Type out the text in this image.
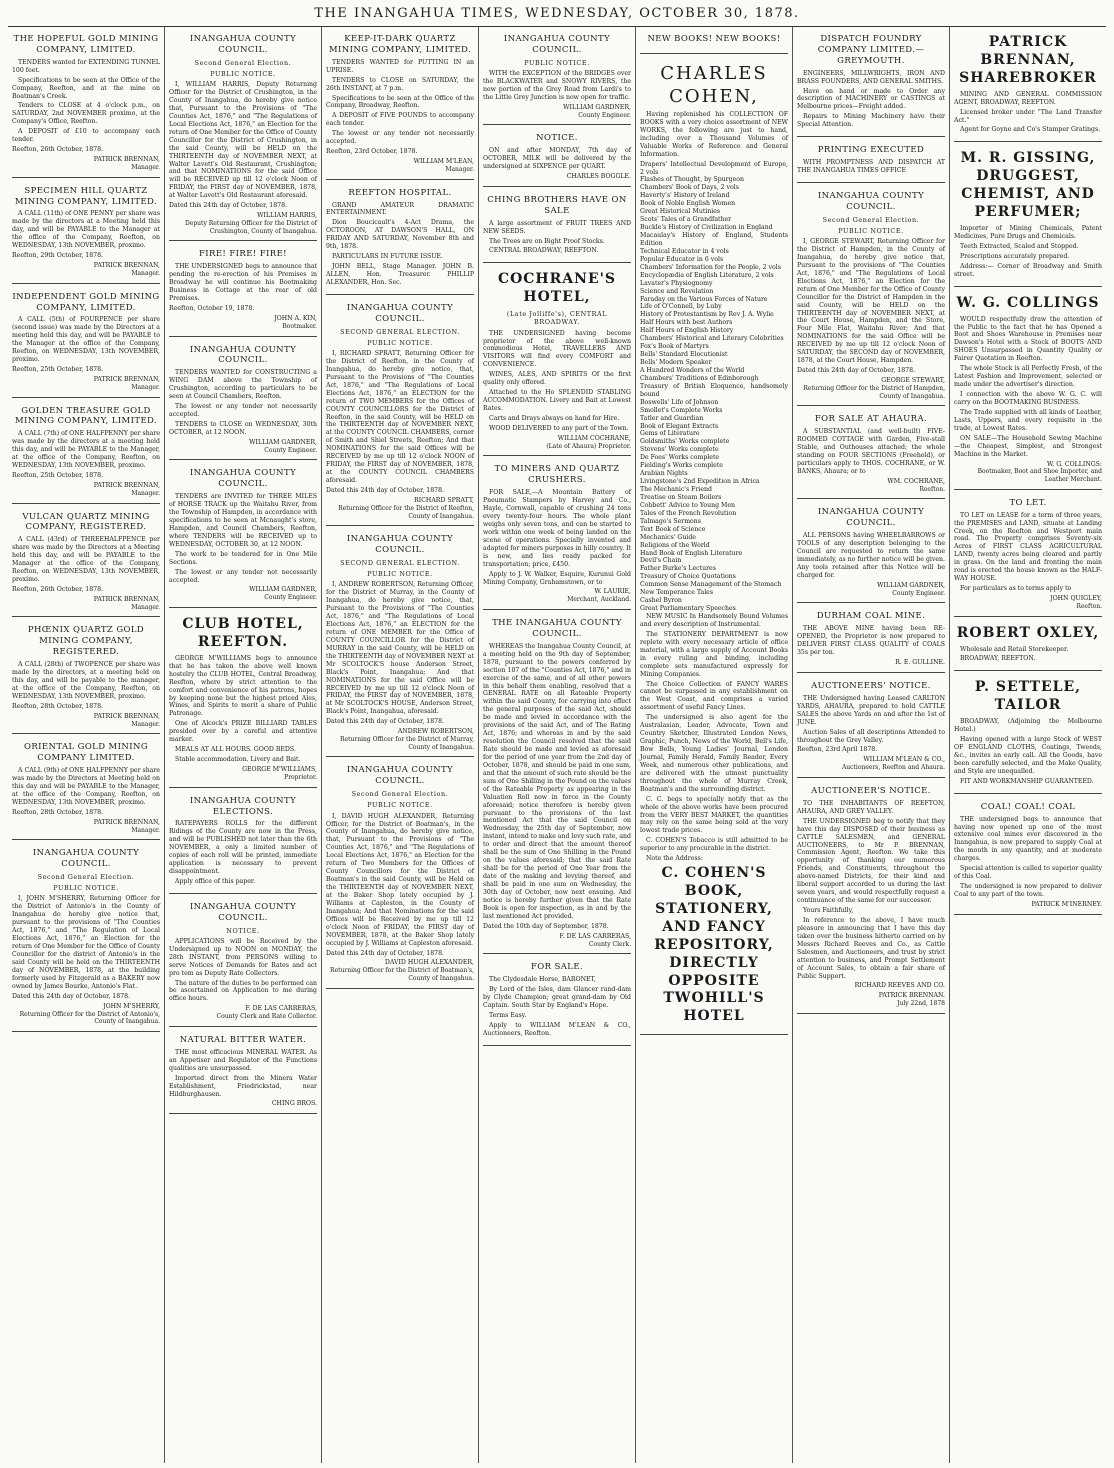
THE INANGAHUA TIMES, WEDNESDAY, OCTOBER 30, 1878.
THE HOPEFUL GOLD MINING COMPANY, LIMITED.

TENDERS wanted for EXTENDING TUNNEL 100 feet.

Specifications to be seen at the Office of the Company, Reefton, and at the mine on Boatman's Creek.

Tenders to CLOSE at 4 o'clock p.m., on SATURDAY, 2nd NOVEMBER proximo, at the Company's Office, Reefton.

A DEPOSIT of £10 to accompany each tender.

Reefton, 26th October, 1878.
PATRICK BRENNAN,
Manager.
SPECIMEN HILL QUARTZ MINING COMPANY, LIMITED.

A CALL (11th) of ONE PENNY per share was made by the directors at a Meeting held this day, and will be PAYABLE to the Manager at the office of the Company, Reefton, on WEDNESDAY, 13th NOVEMBER, proximo.

Reefton, 29th October, 1878.
PATRICK BRENNAN,
Manager.
INDEPENDENT GOLD MINING COMPANY, LIMITED.

A CALL (5th) of FOURPENCE per share (second issue) was made by the Directors at a meeting held this day, and will be PAYABLE to the Manager at the office of the Company, Reefton, on WEDNESDAY, 13th NOVEMBER, proximo.

Reefton, 25th October, 1878.
PATRICK BRENNAN,
Manager.
GOLDEN TREASURE GOLD MINING COMPANY, LIMITED.

A CALL (7th) of ONE HALFPENNY per share was made by the directors at a meeting held this day, and will be PAYABLE to the Manager, at the office of the Company, Reefton, on WEDNESDAY, 13th NOVEMBER, proximo.

Reefton, 25th October, 1878.
PATRICK BRENNAN,
Manager.
VULCAN QUARTZ MINING COMPANY, REGISTERED.

A CALL (43rd) of THREEHALFPENCE per share was made by the Directors at a Meeting held this day, and will be PAYABLE to the Manager at the office of the Company, Reefton, on WEDNESDAY, 13th NOVEMBER, proximo.

Reefton, 26th October, 1878.
PATRICK BRENNAN,
Manager.
PHŒNIX QUARTZ GOLD MINING COMPANY, REGISTERED.

A CALL (28th) of TWOPENCE per share was made by the directors, at a meeting held on this day, and will be payable to the manager, at the office of the Company, Reefton, on WEDNESDAY, 13th NOVEMBER, proximo.

Reefton, 28th October, 1878.
PATRICK BRENNAN,
Manager.
ORIENTAL GOLD MINING COMPANY LIMITED.

A CALL (9th) of ONE HALFPENNY per share was made by the Directors at Meeting held on this day and will be PAYABLE to the Manager, at the office of the Company, Reefton, on WEDNESDAY, 13th NOVEMBER, proximo.

Reefton, 28th October, 1878.
PATRICK BRENNAN,
Manager.
INANGAHUA COUNTY COUNCIL.
Second General Election.
PUBLIC NOTICE.

I, JOHN M'SHERRY, Returning Officer for the District of Antonio's in the County of Inangahua do hereby give notice that, pursuant to the provisions of "The Counties Act, 1876," and "The Regulation of Local Elections Act, 1876," an Election for the return of One Member for the Office of County Councillor for the district of Antonio's in the said County will be held on the THIRTEENTH day of NOVEMBER, 1878, at the building formerly used by Fitzgerald as a BAKERY now owned by James Bourke, Antonio's Flat.

Dated this 24th day of October, 1878.
JOHN M'SHERRY,
Returning Officer for the District of Antonio's, County of Inangahua.
INANGAHUA COUNTY COUNCIL.
Second General Election.
PUBLIC NOTICE.

I, WILLIAM HARRIS, Deputy Returning Officer for the District of Crushington, in the County of Inangahua, do hereby give notice that, Pursuant to the Provisions of "The Counties Act, 1876," and "The Regulations of Local Elections Act, 1876," an Election for the return of One Member for the Office of County Councillor for the District of Crushington, in the said County, will be HELD on the THIRTEENTH day of NOVEMBER NEXT, at Walter Lavett's Old Restaurant, Crushington; and that NOMINATIONS for the said Office will be RECEIVED up till 12 o'clock Noon of FRIDAY, the FIRST day of NOVEMBER, 1878, at Walter Lavett's Old Restaurant aforesaid.

Dated this 24th day of October, 1878.
WILLIAM HARRIS,
Deputy Returning Officer for the District of Crushington, County of Inangahua.
FIRE! FIRE! FIRE!

THE UNDERSIGNED begs to announce that pending the re-erection of his Premises in Broadway he will continue his Bootmaking Business in Cottage at the rear of old Premises.

Reefton, October 19, 1878.
JOHN A. KIN,
Bootmaker.
INANGAHUA COUNTY COUNCIL.

TENDERS WANTED for CONSTRUCTING a WING DAM above the Township of Crushington, according to particulars to be seen at Council Chambers, Reefton.

The lowest or any tender not necessarily accepted.

TENDERS to CLOSE on WEDNESDAY, 30th OCTOBER, at 12 NOON.

WILLIAM GARDNER,
County Engineer.
INANGAHUA COUNTY COUNCIL.

TENDERS are INVITED for THREE MILES of HORSE TRACK up the Waitahu River, from the Township of Hampden, in accordance with specifications to be seen at Mcnaught's store, Hampden, and Council Chambers, Reefton, where TENDERS will be RECEIVED up to WEDNESDAY, OCTOBER 30, at 12 NOON.

The work to be tendered for in One Mile Sections.

The lowest or any tender not necessarily accepted.

WILLIAM GARDNER,
County Engineer.
CLUB HOTEL, REEFTON.

GEORGE M'WILLIAMS begs to announce that he has taken the above well known hostelry the CLUB HOTEL, Central Broadway, Reefton, where by strict attention to the comfort and convenience of his patrons, hopes by keeping none but the highest priced Ales, Wines, and Spirits to merit a share of Public Patronage.

One of Alcock's PRIZE BILLIARD TABLES presided over by a careful and attentive marker.

MEALS AT ALL HOURS. GOOD BEDS.

Stable accommodation. Livery and Bait.

GEORGE M'WILLIAMS,
Proprietor.
INANGAHUA COUNTY ELECTIONS.

RATEPAYERS ROLLS for the different Ridings of the County are now in the Press, and will be PUBLISHED not later than the 6th NOVEMBER, a only a limited number of copies of each roll will be printed, immediate application is necessary to prevent disappointment.

Apply office of this paper.

INANGAHUA COUNTY COUNCIL.
NOTICE.

APPLICATIONS will be Received by the Undersigned up to NOON on MONDAY, the 28th INSTANT, from PERSONS willing to serve Notices of Demands for Rates and act pro tem as Deputy Rate Collectors.

The nature of the duties to be performed can be ascertained on Application to me during office hours.

F. DE LAS CARRERAS,
County Clerk and Rate Collector.
NATURAL BITTER WATER.

THE most efficacious MINERAL WATER. As an Appetiser and Regulator of the Functions qualities are unsurpassed.

Imported direct from the Minera Water Establishment, Friedrickstad, near Hildburghausen.

CHING BROS.
KEEP-IT-DARK QUARTZ MINING COMPANY, LIMITED.

TENDERS WANTED for PUTTING IN an UPRISE.

TENDERS to CLOSE on SATURDAY, the 26th INSTANT, at 7 p.m.

Specifications to be seen at the Office of the Company, Broadway, Reefton.

A DEPOSIT of FIVE POUNDS to accompany each tender.

The lowest or any tender not necessarily accepted.

Reefton, 23rd October, 1878.
WILLIAM M'LEAN,
Manager.
REEFTON HOSPITAL.

GRAND AMATEUR DRAMATIC ENTERTAINMENT.

Dion Boucicault's 4-Act Drama, the OCTOROON, AT DAWSON'S HALL, ON FRIDAY AND SATURDAY, November 8th and 9th, 1878.

PARTICULARS IN FUTURE ISSUE.

JOHN BELL, Stage Manager. JOHN B. ALLEN, Hon. Treasurer. PHILLIP ALEXANDER, Hon. Sec.

INANGAHUA COUNTY COUNCIL.
SECOND GENERAL ELECTION.
PUBLIC NOTICE.

I, RICHARD SPRATT, Returning Officer for the District of Reefton, in the County of Inangahua, do hereby give notice, that, Pursuant to the Provisions of "The Counties Act, 1876," and "The Regulations of Local Elections Act, 1876," an ELECTION for the return of TWO MEMBERS for the Offices of COUNTY COUNCILLORS for the District of Reefton, in the said County, will be HELD on the THIRTEENTH day of NOVEMBER NEXT, at the COUNTY COUNCIL CHAMBERS, corner of Smith and Shiel Streets, Reefton; And that NOMINATIONS for the said Offices will be RECEIVED by me up till 12 o'clock NOON of FRIDAY, the FIRST day of NOVEMBER, 1878, at the COUNTY COUNCIL CHAMBERS aforesaid.

Dated this 24th day of October, 1878.
RICHARD SPRATT,
Returning Officer for the District of Reefton, County of Inangahua.
INANGAHUA COUNTY COUNCIL.
SECOND GENERAL ELECTION.
PUBLIC NOTICE.

I, ANDREW ROBERTSON, Returning Officer, for the District of Murray, in the County of Inangahua, do hereby give notice, that, Pursuant to the Provisions of "The Counties Act, 1876," and "The Regulations of Local Elections Act, 1876," an ELECTION for the return of ONE MEMBER for the Office of COUNTY COUNCILLOR for the District of MURRAY in the said County, will be HELD on the THIRTEENTH day of NOVEMBER NEXT at Mr SCOLTOCK'S house Anderson Street, Black's Point, Inangahua; And that NOMINATIONS for the said Office will be RECEIVED by me up till 12 o'clock Noon of FRIDAY, the FIRST day of NOVEMBER, 1878, at Mr SCOLTOCK'S HOUSE, Anderson Street, Black's Point, Inangahua, aforesaid.

Dated this 24th day of October, 1878.
ANDREW ROBERTSON,
Returning Officer for the District of Murray, County of Inangahua.
INANGAHUA COUNTY COUNCIL.
Second General Election.
PUBLIC NOTICE.

I, DAVID HUGH ALEXANDER, Returning Officer, for the District of Boatman's, in the County of Inangahua, do hereby give notice, that, Pursuant to the Provisions of "The Counties Act, 1876," and "The Regulations of Local Elections Act, 1876," an Election for the return of Two Members for the Offices of County Councillors for the District of Boatman's in the said County, will be Held on the THIRTEENTH day of NOVEMBER NEXT, at the Baker Shop lately occupied by J. Williams at Capleston, in the County of Inangahua; And that Nominations for the said Offices will be Received by me up till 12 o'clock Noon of FRIDAY, the FIRST day of NOVEMBER, 1878, at the Baker Shop lately occupied by J. Williams at Capleston aforesaid.

Dated this 24th day of October, 1878.
DAVID HUGH ALEXANDER,
Returning Officer for the District of Boatman's, County of Inangahua.
INANGAHUA COUNTY COUNCIL.
PUBLIC NOTICE.

WITH the EXCEPTION of the BRIDGES over the BLACKWATER and SNOWY RIVERS, the new portion of the Grey Road from Lardi's to the Little Grey Junction is now open for traffic.

WILLIAM GARDNER,
County Engineer.
NOTICE.

ON and after MONDAY, 7th day of OCTOBER, MILK will be delivered by the undersigned at SIXPENCE per QUART.

CHARLES BOGGLE.
CHING BROTHERS HAVE ON SALE

A large assortment of FRUIT TREES AND NEW SEEDS.

The Trees are on Bight Proof Stocks.

CENTRAL BROADWAY, REEFTON.

COCHRANE'S HOTEL,
(Late Jolliffe's), CENTRAL BROADWAY.

THE UNDERSIGNED having become proprietor of the above well-known commodious Hotel, TRAVELLERS AND VISITORS will find every COMFORT and CONVENIENCE.

WINES, ALES, AND SPIRITS Of the first quality only offered.

Attached to the Ho SPLENDID STABLING ACCOMMODATION. Livery and Bait at Lowest Rates.

Carts and Drays always on hand for Hire.

WOOD DELIVERED to any part of the Town.

WILLIAM COCHRANE,
(Late of Ahaura) Proprietor.
TO MINERS AND QUARTZ CRUSHERS.

FOR SALE,—A Mountain Battery of Pneumatic Stampers by Harvey and Co., Hayle, Cornwall, capable of crushing 24 tons every twenty-four hours. The whole plant weighs only seven tons, and can be started to work within one week of being landed on the scene of operations. Specially invented and adapted for miners purposes in hilly country. It is new, and lies ready packed for transportation; price, £450.

Apply to J. W. Walker, Esquire, Kurunui Gold Mining Company, Grahamstown, or to

W. LAURIE,
Merchant, Auckland.
THE INANGAHUA COUNTY COUNCIL.

WHEREAS the Inangahua County Council, at a meeting held on the 9th day of September, 1878, pursuant to the powers conferred by section 107 of the "Counties Act, 1876," and in exercise of the same, and of all other powers in this behalf them enabling, resolved that a GENERAL RATE on all Rateable Property within the said County, for carrying into effect the general purposes of the said Act, should be made and levied in accordance with the provisions of the said Act, and of The Rating Act, 1876; and whereas in and by the said resolution the Council resolved that the said Rate should be made and levied as aforesaid for the period of one year from the 2nd day of October, 1878, and should be paid in one sum, and that the amount of such rate should be the sum of One Shilling in the Pound on the values of the Rateable Property as appearing in the Valuation Roll now in force in the County aforesaid; notice therefore is hereby given pursuant to the provisions of the last mentioned Act that the said Council on Wednesday, the 25th day of September, now instant, intend to make and levy such rate, and to order and direct that the amount thereof shall be the sum of One Shilling in the Pound on the values aforesaid; that the said Rate shall be for the period of One Year from the date of the making and levying thereof, and shall be paid in one sum on Wednesday, the 30th day of October, now next ensuing. And notice is hereby further given that the Rate Book is open for inspection, as in and by the last mentioned Act provided.

Dated the 10th day of September, 1878.
F. DE LAS CARRERAS,
County Clerk.
FOR SALE.

The Clydesdale Horse, BARONET,

By Lord of the Isles, dam Glancer rand-dam by Clyde Champion; great grand-dam by Old Captain. South Star by England's Hope.

Terms Easy.

Apply to WILLIAM M'LEAN & CO., Auctioneers, Reefton.

NEW BOOKS! NEW BOOKS!
CHARLES COHEN,

Having replenished his COLLECTION OF BOOKS with a very choice assortment of NEW WORKS, the following are just to hand, including over a Thousand Volumes of Valuable Works of Reference and General Information.

Drapers' Intellectual Development of Europe, 2 vols
Flashes of Thought, by Spurgeon
Chambers' Book of Days, 2 vols
Haverty's' History of Ireland
Book of Noble English Women
Great Historical Mutinies
Scots' Tales of a Grandfather
Buckle's History of Civilization in England
Macaulay's History of England, Students Edition
Technical Educator in 4 vols
Popular Educator in 6 vols
Chambers' Information for the People, 2 vols
Encyclopædia of English Literature, 2 vols
Lavater's Physiognomy
Science and Revelation
Faraday on the Various Forces of Nature
Life of O'Connell, by Luby
History of Protestantism by Rev J. A. Wylie
Half Hours with best Authors
Half Hours of English History
Chambers' Historical and Literary Celebrities
Fox's Book of Martyrs
Bells' Standard Elocutionist
Bells' Modern Speaker
A Hundred Wonders of the World
Chambers' Traditions of Edinborough
Treasury of British Eloquence, handsomely bound
Boswells' Life of Johnson
Smollet's Complete Works
Tatler and Guardian
Book of Elegant Extracts
Gems of Literature
Goldsmiths' Works complete
Stevens' Works complete
De Foes' Works complete
Fielding's Works complete
Arabian Nights
Livingstone's 2nd Expedition in Africa
The Mechanic's Friend
Treatise on Steam Boilers
Cobbett' Advice to Young Men
Tales of the French Revolution
Talmage's Sermons
Text Book of Science
Mechanics' Guide
Religions of the World
Hand Book of English Literature
Devil's Chain
Father Burke's Lectures
Treasury of Choice Quotations
Common Sense Management of the Stomach
New Temperance Tales
Cashel Byron
Great Parliamentary Speeches

NEW MUSIC In Handsomely Bound Volumes and every description of Instrumental.

The STATIONERY DEPARTMENT is now replete with every necessary article of office material, with a large supply of Account Books in every ruling and binding, including complete sets manufactured expressly for Mining Companies.

The Choice Collection of FANCY WARES cannot be surpassed in any establishment on the West Coast, and comprises a varied assortment of useful Fancy Lines.

The undersigned is also agent for the Australasian, Leader, Advocate, Town and Country Sketcher, Illustrated London News, Graphic, Punch, News of the World, Bell's Life, Bow Bells, Young Ladies' Journal, London Journal, Family Herald, Family Reader, Every Week, and numerous other publications, and are delivered with the utmost punctuality throughout the whole of Murray Creek, Boatman's and the surrounding district.

C. C. begs to specially notify that as the whole of the above works have been procured from the VERY BEST MARKET, the quantities may rely on the same being sold at the very lowest trade prices.

C. COHEN'S Tobacco is still admitted to be superior to any procurable in the district.

Note the Address:

C. COHEN'S BOOK, STATIONERY, AND FANCY REPOSITORY, DIRECTLY OPPOSITE TWOHILL'S HOTEL
DISPATCH FOUNDRY COMPANY LIMITED.—GREYMOUTH.

ENGINEERS, MILLWRIGHTS, IRON AND BRASS FOUNDERS, AND GENERAL SMITHS.

Have on hand or made to Order any description of MACHINERY or CASTINGS at Melbourne prices—Freight added.

Repairs to Mining Machinery have their Special Attention.

PRINTING EXECUTED

WITH PROMPTNESS AND DISPATCH AT THE INANGAHUA TIMES OFFICE

INANGAHUA COUNTY COUNCIL.
Second General Election.
PUBLIC NOTICE.

I, GEORGE STEWART, Returning Officer for the District of Hampden, in the County of Inangahua, do hereby give notice that, Pursuant to the provisions of "The Counties Act, 1876," and "The Regulations of Local Elections Act, 1876," an Election for the return of One Member for the Office of County Councillor for the District of Hampden in the said County, will be HELD on the THIRTEENTH day of NOVEMBER NEXT, at the Court House, Hampden, and the Store, Four Mile Flat, Waitahu River; And that NOMINATIONS for the said Office will be RECEIVED by me up till 12 o'clock Noon of SATURDAY, the SECOND day of NOVEMBER, 1878, at the Court House, Hampden.

Dated this 24th day of October, 1878.
GEORGE STEWART,
Returning Officer for the District of Hampden, County of Inangahua.
FOR SALE AT AHAURA.

A SUBSTANTIAL (and well-built) FIVE-ROOMED COTTAGE with Garden, Five-stall Stable, and Outhouses attached; the whole standing on FOUR SECTIONS (Freehold), or particulars apply to THOS. COCHRANE, or W. BANKS, Ahaura; or to

WM. COCHRANE,
Reefton.
INANGAHUA COUNTY COUNCIL.

ALL PERSONS having WHEELBARROWS or TOOLS of any description belonging to the Council are requested to return the same immediately, as no further notice will be given. Any tools retained after this Notice will be charged for.

WILLIAM GARDNER,
County Engineer.
DURHAM COAL MINE.

THE ABOVE MINE having been RE-OPENED, the Proprietor is now prepared to DELIVER FIRST CLASS QUALITY of COALS 35s per ton.

R. E. GULLINE.
AUCTIONEERS' NOTICE.

THE Undersigned having Leased CARLTON YARDS, AHAURA, prepared to hold CATTLE SALES the above Yards on and after the 1st of JUNE.

Auction Sales of all descriptions Attended to throughout the Grey Valley.

Reefton, 23rd April 1878.
WILLIAM M'LEAN & CO.,
Auctioneers, Reefton and Ahaura.
AUCTIONEER'S NOTICE.

TO THE INHABITANTS OF REEFTON, AHAURA, AND GREY VALLEY.

THE UNDERSIGNED beg to notify that they have this day DISPOSED of their business as CATTLE SALESMEN, and GENERAL AUCTIONEERS, to Mr P. BRENNAN, Commission Agent, Reefton. We take this opportunity of thanking our numerous Friends, and Constituents, throughout the above-named Districts, for their kind and liberal support accorded to us during the last seven years, and would respectfully request a continuance of the same for our successor.

Yours Faithfully,

In reference to the above, I have much pleasure in announcing that I have this day taken over the business hitherto carried on by Messrs Richard Reeves and Co., as Cattle Salesmen, and Auctioneers, and trust by strict attention to business, and Prompt Settlement of Account Sales, to obtain a fair share of Public Support.

RICHARD REEVES AND CO.
PATRICK BRENNAN.
July 22nd, 1878
PATRICK BRENNAN, SHAREBROKER

MINING AND GENERAL COMMISSION AGENT, BROADWAY, REEFTON.

Licensed broker under "The Land Transfer Act."

Agent for Goyne and Co's Stamper Gratings.

M. R. GISSING, DRUGGEST, CHEMIST, AND PERFUMER;

Importer of Mining Chemicals, Patent Medicines, Pure Drugs and Chemicals.

Teeth Extracted, Scaled and Stopped.

Prescriptions accurately prepared.

Address:— Corner of Broadway and Smith street.

W. G. COLLINGS

WOULD respectfully draw the attention of the Public to the fact that he has Opened a Boot and Shoes Warehouse in Premises near Dawson's Hotel with a Stock of BOOTS AND SHOES Unsurpassed in Quantity Quality or Fairer Quotation in Reefton.

The whole Stock is all Perfectly Fresh, of the Latest Fashion and Improvement, selected or made under the advertiser's direction.

I connection with the above W. G. C. will carry on the BOOTMAKING BUSINESS.

The Trade supplied with all kinds of Leather, Lasts, Uppers, and every requisite in the trade, at Lowest Rates.

ON SALE—The Household Sewing Machine—the Cheapest, Simplest, and Strongest Machine in the Market.

W. G. COLLINGS:
Bootmaker, Boot and Shoe Importer, and Leather Merchant.
TO LET.

TO LET on LEASE for a term of three years, the PREMISES and LAND, situate at Landing Creek, on the Reefton and Westport main road. The Property comprises Seventy-six Acres of FIRST CLASS AGRICULTURAL LAND, twenty acres being cleared and partly in grass. On the land and fronting the main road is erected the house known as the HALF-WAY HOUSE.

For particulars as to terms apply to

JOHN QUIGLEY,
Reefton.
ROBERT OXLEY,

Wholesale and Retail Storekeeper.

BROADWAY, REEFTON.

P. SETTELE, TAILOR

BROADWAY, (Adjoining the Melbourne Hotel.)

Having opened with a large Stock of WEST OF ENGLAND CLOTHS, Coatings, Tweeds, &c., invites an early call. All the Goods, have been carefully selected, and the Make Quality, and Style are unequalled.

FIT AND WORKMANSHIP GUARANTEED.

COAL! COAL! COAL

THE undersigned begs to announce that having now opened up one of the most extensive coal mines ever discovered in the Inangahua, is now prepared to supply Coal at the mouth in any quantity, and at moderate charges.

Special attention is called to superior quality of this Coal.

The undersigned is now prepared to deliver Coal to any part of the town.

PATRICK M'INERNEY.
